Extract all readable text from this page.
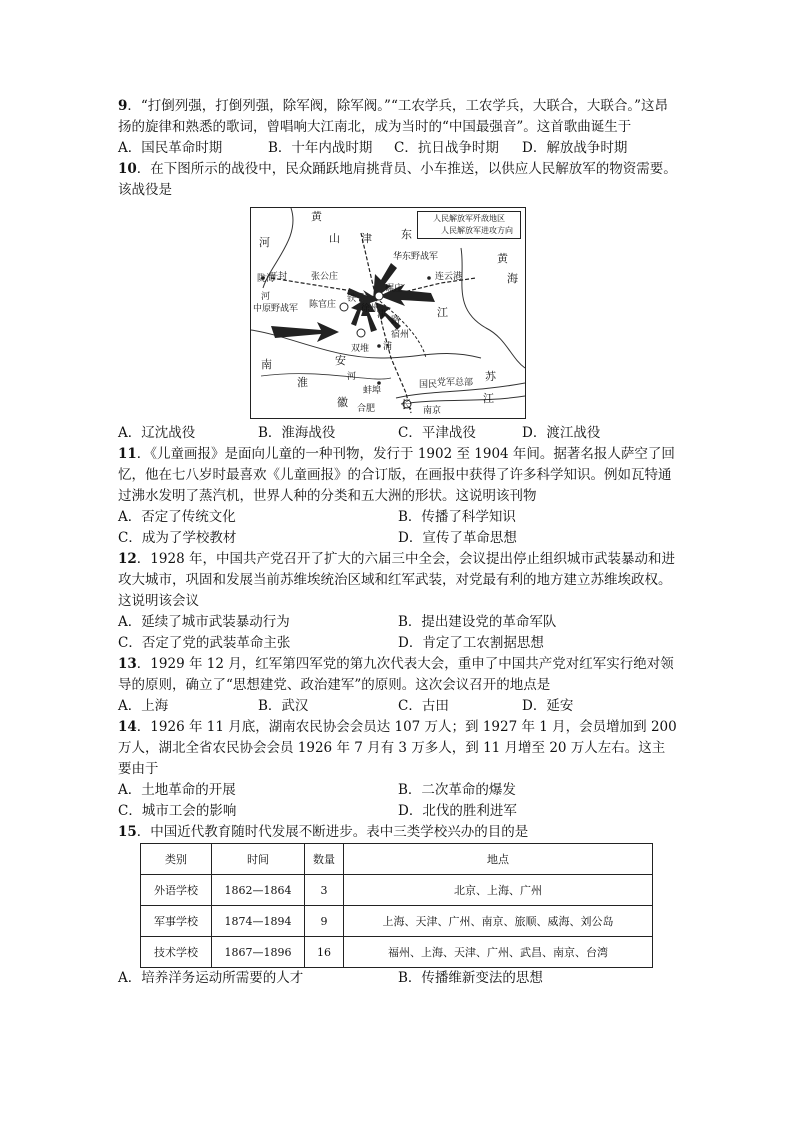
9．“打倒列强，打倒列强，除军阀，除军阀。”“工农学兵，工农学兵，大联合，大联合。”这昂扬的旋律和熟悉的歌词，曾唱响大江南北，成为当时的“中国最强音”。这首歌曲诞生于

A．国民革命时期	B．十年内战时期	C．抗日战争时期	D．解放战争时期

10．在下图所示的战役中，民众踊跃地肩挑背员、小车推送，以供应人民解放军的物资需要。该战役是

人民解放军歼敌地区
人民解放军进攻方向
黄
河	山 津	东
华东野战军
陇海
开封
河
中原野战军
张公庄
陈官庄
铁
徐州
碾庄
津
路
宿州
双堆 浦
连云港
黄
海
江
安
河
蚌埠
国民 党军总部
南
淮
徽 合肥 长 南京
苏
江
A．辽沈战役	B．淮海战役	C．平津战役	D．渡江战役

11．《儿童画报》是面向儿童的一种刊物，发行于 1902 至 1904 年间。据著名报人萨空了回忆，他在七八岁时最喜欢《儿童画报》的合订版，在画报中获得了许多科学知识。例如瓦特通过沸水发明了蒸汽机，世界人种的分类和五大洲的形状。这说明该刊物

A．否定了传统文化	B．传播了科学知识
C．成为了学校教材	D．宣传了革命思想

12．1928 年，中国共产党召开了扩大的六届三中全会，会议提出停止组织城市武装暴动和进攻大城市，巩固和发展当前苏维埃统治区域和红军武装，对党最有利的地方建立苏维埃政权。这说明该会议

A．延续了城市武装暴动行为	B．提出建设党的革命军队
C．否定了党的武装革命主张	D．肯定了工农割据思想

13．1929 年 12 月，红军第四军党的第九次代表大会，重申了中国共产党对红军实行绝对领导的原则，确立了“思想建党、政治建军”的原则。这次会议召开的地点是

A．上海	B．武汉	C．古田	D．延安

14．1926 年 11 月底，湖南农民协会会员达 107 万人；到 1927 年 1 月，会员增加到 200 万人，湖北全省农民协会会员 1926 年 7 月有 3 万多人，到 11 月增至 20 万人左右。这主要由于

A．土地革命的开展	B．二次革命的爆发
C．城市工会的影响	D．北伐的胜利进军

15．中国近代教育随时代发展不断进步。表中三类学校兴办的目的是

类别	时间	数量	地点
外语学校	1862—1864	3	北京、上海、广州
军事学校	1874—1894	9	上海、天津、广州、南京、旅顺、威海、刘公岛
技术学校	1867—1896	16	福州、上海、天津、广州、武昌、南京、台湾
A．培养洋务运动所需要的人才	B．传播维新变法的思想
